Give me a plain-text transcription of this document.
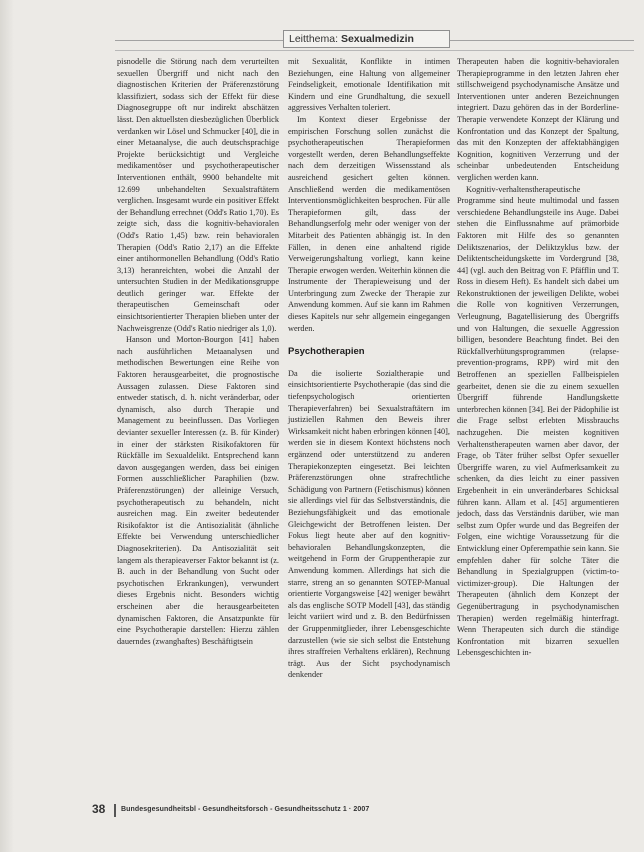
Leitthema: Sexualmedizin

pisnodelle die Störung nach dem verurteilten sexuellen Übergriff und nicht nach den diagnostischen Kriterien der Präferenzstörung klassifiziert, sodass sich der Effekt für diese Diagnosegruppe oft nur indirekt abschätzen lässt. Den aktuellsten diesbezüglichen Überblick verdanken wir Lösel und Schmucker [40], die in einer Metaanalyse, die auch deutschsprachige Projekte berücksichtigt und Vergleiche medikamentöser und psychotherapeutischer Interventionen enthält, 9900 behandelte mit 12.699 unbehandelten Sexualstraftätern verglichen. Insgesamt wurde ein positiver Effekt der Behandlung errechnet (Odd's Ratio 1,70). Es zeigte sich, dass die kognitiv-behavioralen (Odd's Ratio 1,45) bzw. rein behavioralen Therapien (Odd's Ratio 2,17) an die Effekte einer antihormonellen Behandlung (Odd's Ratio 3,13) heranreichten, wobei die Anzahl der untersuchten Studien in der Medikationsgruppe deutlich geringer war. Effekte der therapeutischen Gemeinschaft oder einsichtsorientierter Therapien blieben unter der Nachweisgrenze (Odd's Ratio niedriger als 1,0).

Hanson und Morton-Bourgon [41] haben nach ausführlichen Metaanalysen und methodischen Bewertungen eine Reihe von Faktoren herausgearbeitet, die prognostische Aussagen zulassen. Diese Faktoren sind entweder statisch, d. h. nicht veränderbar, oder dynamisch, also durch Therapie und Management zu beeinflussen. Das Vorliegen devianter sexueller Interessen (z. B. für Kinder) in einer der stärksten Risikofaktoren für Rückfälle im Sexualdelikt. Entsprechend kann davon ausgegangen werden, dass bei einigen Formen ausschließlicher Paraphilien (bzw. Präferenzstörungen) der alleinige Versuch, psychotherapeutisch zu behandeln, nicht ausreichen mag. Ein zweiter bedeutender Risikofaktor ist die Antisozialität (ähnliche Effekte bei Verwendung unterschiedlicher Diagnosekriterien). Da Antisozialität seit langem als therapieaverser Faktor bekannt ist (z. B. auch in der Behandlung von Sucht oder psychotischen Erkrankungen), verwundert dieses Ergebnis nicht. Besonders wichtig erscheinen aber die herausgearbeiteten dynamischen Faktoren, die Ansatzpunkte für eine Psychotherapie darstellen: Hierzu zählen dauerndes (zwanghaftes) Beschäftigtsein

mit Sexualität, Konflikte in intimen Beziehungen, eine Haltung von allgemeiner Feindseligkeit, emotionale Identifikation mit Kindern und eine Grundhaltung, die sexuell aggressives Verhalten toleriert.

Im Kontext dieser Ergebnisse der empirischen Forschung sollen zunächst die psychotherapeutischen Therapieformen vorgestellt werden, deren Behandlungseffekte nach dem derzeitigen Wissensstand als ausreichend gesichert gelten können. Anschließend werden die medikamentösen Interventionsmöglichkeiten besprochen. Für alle Therapieformen gilt, dass der Behandlungserfolg mehr oder weniger von der Mitarbeit des Patienten abhängig ist. In den Fällen, in denen eine anhaltend rigide Verweigerungshaltung vorliegt, kann keine Therapie erwogen werden. Weiterhin können die Instrumente der Therapieweisung und der Unterbringung zum Zwecke der Therapie zur Anwendung kommen. Auf sie kann im Rahmen dieses Kapitels nur sehr allgemein eingegangen werden.

Psychotherapien

Da die isolierte Sozialtherapie und einsichtsorientierte Psychotherapie (das sind die tiefenpsychologisch orientierten Therapieverfahren) bei Sexualstraftätern im justiziellen Rahmen den Beweis ihrer Wirksamkeit nicht haben erbringen können [40], werden sie in diesem Kontext höchstens noch ergänzend oder unterstützend zu anderen Therapiekonzepten eingesetzt. Bei leichten Präferenzstörungen ohne strafrechtliche Schädigung von Partnern (Fetischismus) können sie allerdings viel für das Selbstverständnis, die Beziehungsfähigkeit und das emotionale Gleichgewicht der Betroffenen leisten. Der Fokus liegt heute aber auf den kognitiv-behavioralen Behandlungskonzepten, die weitgehend in Form der Gruppentherapie zur Anwendung kommen. Allerdings hat sich die starre, streng an so genannten SOTEP-Manual orientierte Vorgangsweise [42] weniger bewährt als das englische SOTP Modell [43], das ständig leicht variiert wird und z. B. den Bedürfnissen der Gruppenmitglieder, ihrer Lebensgeschichte darzustellen (wie sie sich selbst die Entstehung ihres straffreien Verhaltens erklären), Rechnung trägt. Aus der Sicht psychodynamisch denkender

Therapeuten haben die kognitiv-behavioralen Therapieprogramme in den letzten Jahren eher stillschweigend psychodynamische Ansätze und Interventionen unter anderen Bezeichnungen integriert. Dazu gehören das in der Borderline-Therapie verwendete Konzept der Klärung und Konfrontation und das Konzept der Spaltung, das mit den Konzepten der affektabhängigen Kognition, kognitiven Verzerrung und der scheinbar unbedeutenden Entscheidung verglichen werden kann.

Kognitiv-verhaltenstherapeutische Programme sind heute multimodal und fassen verschiedene Behandlungsteile ins Auge. Dabei stehen die Einflussnahme auf prämorbide Faktoren mit Hilfe des so genannten Deliktszenarios, der Deliktzyklus bzw. der Deliktentscheidungskette im Vordergrund [38, 44] (vgl. auch den Beitrag von F. Pfäfflin und T. Ross in diesem Heft). Es handelt sich dabei um Rekonstruktionen der jeweiligen Delikte, wobei die Rolle von kognitiven Verzerrungen, Verleugnung, Bagatellisierung des Übergriffs und von Haltungen, die sexuelle Aggression billigen, besondere Beachtung findet. Bei den Rückfallverhütungsprogrammen (relapse-prevention-programs, RPP) wird mit den Betroffenen an speziellen Fallbeispielen gearbeitet, denen sie die zu einem sexuellen Übergriff führende Handlungskette unterbrechen können [34]. Bei der Pädophilie ist die Frage selbst erlebten Missbrauchs nachzugehen. Die meisten kognitiven Verhaltenstherapeuten warnen aber davor, der Frage, ob Täter früher selbst Opfer sexueller Übergriffe waren, zu viel Aufmerksamkeit zu schenken, da dies leicht zu einer passiven Ergebenheit in ein unveränderbares Schicksal führen kann. Allam et al. [45] argumentieren jedoch, dass das Verständnis darüber, wie man selbst zum Opfer wurde und das Begreifen der Folgen, eine wichtige Voraussetzung für die Entwicklung einer Opferempathie sein kann. Sie empfehlen daher für solche Täter die Behandlung in Spezialgruppen (victim-to-victimizer-group). Die Haltungen der Therapeuten (ähnlich dem Konzept der Gegenübertragung in psychodynamischen Therapien) werden regelmäßig hinterfragt. Wenn Therapeuten sich durch die ständige Konfrontation mit bizarren sexuellen Lebensgeschichten in-

38 Bundesgesundheitsbl - Gesundheitsforsch - Gesundheitsschutz 1 · 2007
